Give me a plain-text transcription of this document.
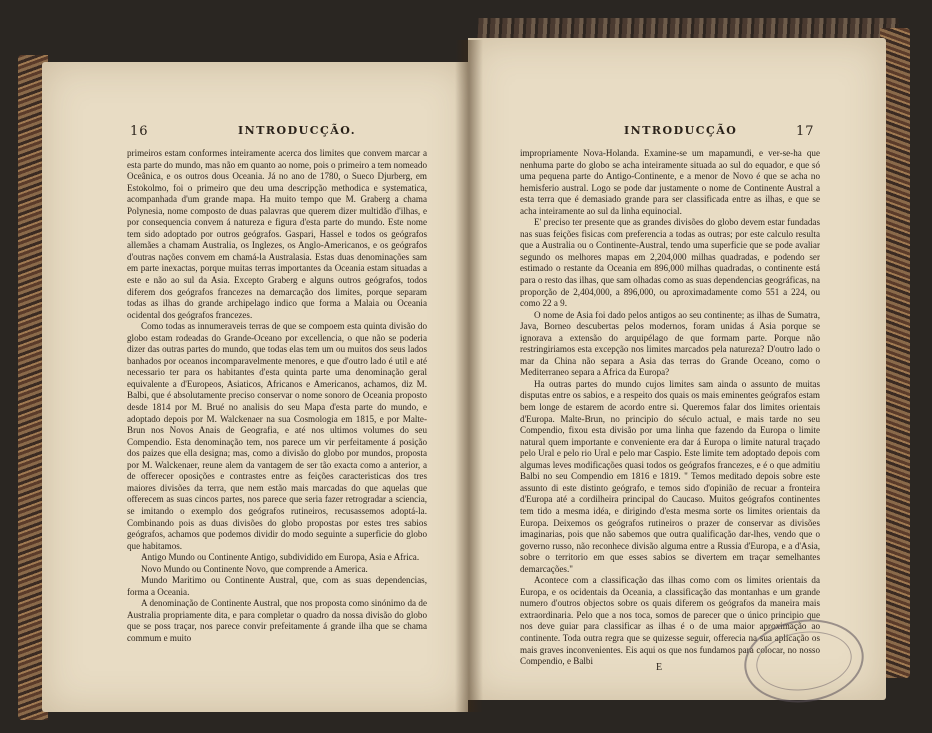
16	INTRODUCÇÃO.

primeiros estam conformes inteiramente acerca dos limites que convem marcar a esta parte do mundo, mas não em quanto ao nome, pois o primeiro a tem nomeado Oceânica, e os outros dous Oceania. Já no ano de 1780, o Sueco Djurberg, em Estokolmo, foi o primeiro que deu uma descripção methodica e systematica, acompanhada d'um grande mapa. Ha muito tempo que M. Graberg a chama Polynesia, nome composto de duas palavras que querem dizer multidão d'ilhas, e por consequencia convem á natureza e figura d'esta parte do mundo. Este nome tem sido adoptado por outros geógrafos. Gaspari, Hassel e todos os geógrafos allemães a chamam Australia, os Inglezes, os Anglo-Americanos, e os geógrafos d'outras nações convem em chamá-la Australasia. Estas duas denominações sam em parte inexactas, porque muitas terras importantes da Oceania estam situadas a este e não ao sul da Asia. Excepto Graberg e alguns outros geógrafos, todos diferem dos geógrafos francezes na demarcação dos limites, porque separam todas as ilhas do grande archipelago indico que forma a Malaia ou Oceania ocidental dos geógrafos francezes.

Como todas as innumeraveis terras de que se compoem esta quinta divisão do globo estam rodeadas do Grande-Oceano por excellencia, o que não se poderia dizer das outras partes do mundo, que todas elas tem um ou muitos dos seus lados banhados por oceanos incomparavelmente menores, e que d'outro lado é util e até necessario ter para os habitantes d'esta quinta parte uma denominação geral equivalente a d'Europeos, Asiaticos, Africanos e Americanos, achamos, diz M. Balbi, que é absolutamente preciso conservar o nome sonoro de Oceania proposto desde 1814 por M. Brué no analisis do seu Mapa d'esta parte do mundo, e adoptado depois por M. Walckenaer na sua Cosmologia em 1815, e por Malte-Brun nos Novos Anais de Geografia, e até nos ultimos volumes do seu Compendio. Esta denominação tem, nos parece um vir perfeitamente á posição dos paizes que ella designa; mas, como a divisão do globo por mundos, proposta por M. Walckenaer, reune alem da vantagem de ser tão exacta como a anterior, a de offerecer oposições e contrastes entre as feições caracteristicas dos tres maiores divisões da terra, que nem estão mais marcadas do que aquelas que offerecem as suas cincos partes, nos parece que seria fazer retrogradar a sciencia, se imitando o exemplo dos geógrafos rutineiros, recusassemos adoptá-la. Combinando pois as duas divisões do globo propostas por estes tres sabios geógrafos, achamos que podemos dividir do modo seguinte a superficie do globo que habitamos.

Antigo Mundo ou Continente Antigo, subdividido em Europa, Asia e Africa.

Novo Mundo ou Continente Novo, que comprende a America.

Mundo Maritimo ou Continente Austral, que, com as suas dependencias, forma a Oceania.

A denominação de Continente Austral, que nos proposta como sinónimo da de Australia propriamente dita, e para completar o quadro da nossa divisão do globo que se poss traçar, nos parece convir prefeitamente á grande ilha que se chama commum e muito

INTRODUCÇÃO	17

impropriamente Nova-Holanda. Examine-se um mapamundi, e ver-se-ha que nenhuma parte do globo se acha inteiramente situada ao sul do equador, e que só uma pequena parte do Antigo-Continente, e a menor de Novo é que se acha no hemisferio austral. Logo se pode dar justamente o nome de Continente Austral a esta terra que é demasiado grande para ser classificada entre as ilhas, e que se acha inteiramente ao sul da linha equinocial.

E' preciso ter presente que as grandes divisões do globo devem estar fundadas nas suas feições fisicas com preferencia a todas as outras; por este calculo resulta que a Australia ou o Continente-Austral, tendo uma superficie que se pode avaliar segundo os melhores mapas em 2,204,000 milhas quadradas, e podendo ser estimado o restante da Oceania em 896,000 milhas quadradas, o continente está para o resto das ilhas, que sam olhadas como as suas dependencias geográficas, na proporção de 2,404,000, a 896,000, ou aproximadamente como 551 a 224, ou como 22 a 9.

O nome de Asia foi dado pelos antigos ao seu continente; as ilhas de Sumatra, Java, Borneo descubertas pelos modernos, foram unidas á Asia porque se ignorava a extensão do arquipélago de que formam parte. Porque não restringiriamos esta excepção nos limites marcados pela natureza? D'outro lado o mar da China não separa a Asia das terras do Grande Oceano, como o Mediterraneo separa a Africa da Europa?

Ha outras partes do mundo cujos limites sam ainda o assunto de muitas disputas entre os sabios, e a respeito dos quais os mais eminentes geógrafos estam bem longe de estarem de acordo entre si. Queremos falar dos limites orientais d'Europa. Malte-Brun, no principio do século actual, e mais tarde no seu Compendio, fixou esta divisão por uma linha que fazendo da Europa o limite natural quem importante e conveniente era dar á Europa o limite natural traçado pelo Ural e pelo rio Ural e pelo mar Caspio. Este limite tem adoptado depois com algumas leves modificações quasi todos os geógrafos francezes, e é o que admitiu Balbi no seu Compendio em 1816 e 1819. " Temos meditado depois sobre este assunto di este distinto geógrafo, e temos sido d'opinião de recuar a fronteira d'Europa até a cordilheira principal do Caucaso. Muitos geógrafos continentes tem tido a mesma idéa, e dirigindo d'esta mesma sorte os limites orientais da Europa. Deixemos os geógrafos rutineiros o prazer de conservar as divisões imaginarias, pois que não sabemos que outra qualificação dar-lhes, vendo que o governo russo, não reconhece divisão alguma entre a Russia d'Europa, e a d'Asia, sobre o territorio em que esses sabios se divertem em traçar semelhantes demarcações."

Acontece com a classificação das ilhas como com os limites orientais da Europa, e os ocidentais da Oceania, a classificação das montanhas e um grande numero d'outros objectos sobre os quais diferem os geógrafos da maneira mais extraordinaria. Pelo que a nos toca, somos de parecer que o único principio que nos deve guiar para classificar as ilhas é o de uma maior aproximação ao continente. Toda outra regra que se quizesse seguir, offerecia na sua aplicação os mais graves inconvenientes. Eis aqui os que nos fundamos para colocar, no nosso Compendio, e Balbi

E
